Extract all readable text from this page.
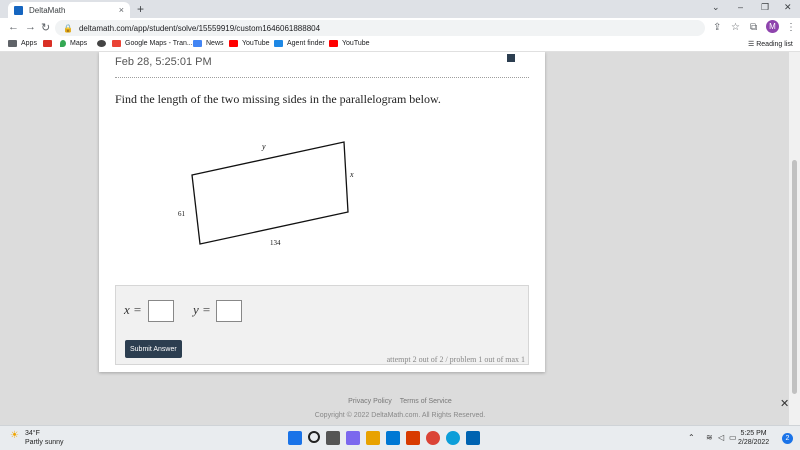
DeltaMath	× +	⌄ – ❐ ✕
← → ↻ 🔒 deltamath.com/app/student/solve/15559919/custom1646061888804	⇪ ☆ ⧉	⋮
M
Apps	Maps	Google Maps - Tran... News	YouTube Agent finder YouTube	☰ Reading list
Feb 28, 5:25:01 PM
Find the length of the two missing sides in the parallelogram below.
y
x
61
134
x =	y =
Submit Answer
attempt 2 out of 2 / problem 1 out of max 1
Privacy Policy Terms of Service
Copyright © 2022 DeltaMath.com. All Rights Reserved.
✕
☀ 34°F
Partly sunny
⌃ ≋ ◁ ▭ 5:25 PM
2/28/2022
2
